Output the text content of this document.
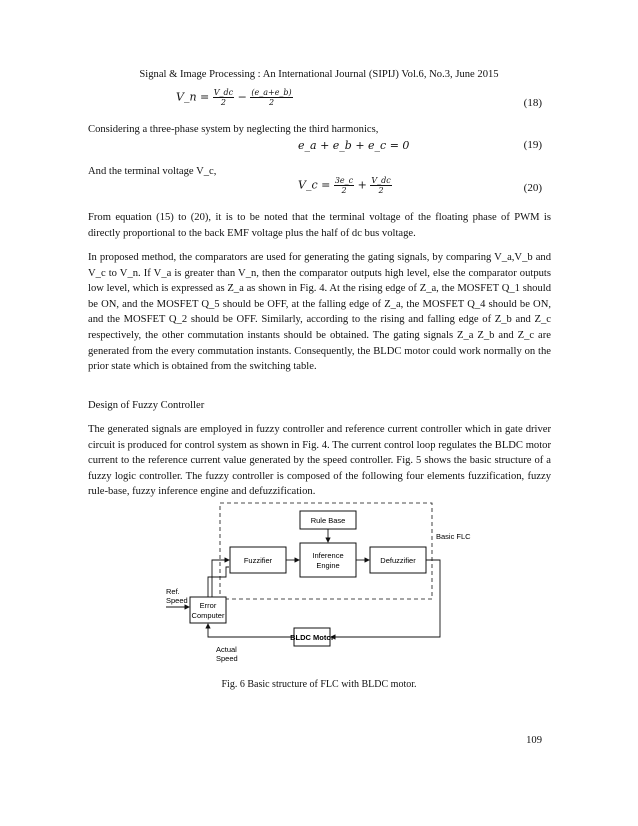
Signal & Image Processing : An International Journal (SIPIJ) Vol.6, No.3, June 2015
V_n = $\frac{V\_dc}{2} - \frac{(e\_a+e\_b)}{2}$	(18)
Considering a three-phase system by neglecting the third harmonics,
e_a + e_b + e_c = 0	(19)
And the terminal voltage V_c,
V_c = $\frac{3e\_c}{2} + \frac{V\_dc}{2}$	(20)
From equation (15) to (20), it is to be noted that the terminal voltage of the floating phase of PWM is directly proportional to the back EMF voltage plus the half of dc bus voltage.
In proposed method, the comparators are used for generating the gating signals, by comparing V_a,V_b and V_c to V_n. If V_a is greater than V_n, then the comparator outputs high level, else the comparator outputs low level, which is expressed as Z_a as shown in Fig. 4. At the rising edge of Z_a, the MOSFET Q_1 should be ON, and the MOSFET Q_5 should be OFF, at the falling edge of Z_a, the MOSFET Q_4 should be ON, and the MOSFET Q_2 should be OFF. Similarly, according to the rising and falling edge of Z_b and Z_c respectively, the other commutation instants should be obtained. The gating signals Z_a Z_b and Z_c are generated from the every commutation instants. Consequently, the BLDC motor could work normally on the prior state which is obtained from the switching table.
Design of Fuzzy Controller
The generated signals are employed in fuzzy controller and reference current controller which in gate driver circuit is produced for control system as shown in Fig. 4. The current control loop regulates the BLDC motor current to the reference current value generated by the speed controller. Fig. 5 shows the basic structure of a fuzzy logic controller. The fuzzy controller is composed of the following four elements fuzzification, fuzzy rule-base, fuzzy inference engine and defuzzification.
Rule Base
Fuzzifier
Inference
Engine
Defuzzifier
Basic FLC
Error
Computer
Ref.
Speed
BLDC Motor
Actual
Speed
Fig. 6 Basic structure of FLC with BLDC motor.
109
